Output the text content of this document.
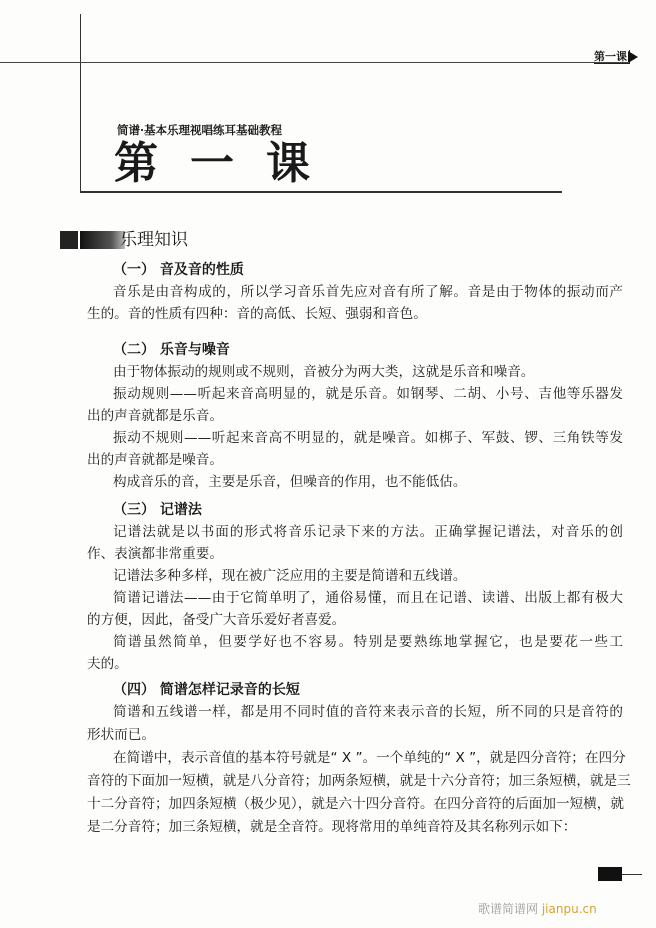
第一课
简谱·基本乐理视唱练耳基础教程
第一课
乐理知识
（一） 音及音的性质
音乐是由音构成的，所以学习音乐首先应对音有所了解。音是由于物体的振动而产
生的。音的性质有四种：音的高低、长短、强弱和音色。
（二） 乐音与噪音
由于物体振动的规则或不规则，音被分为两大类，这就是乐音和噪音。
振动规则——听起来音高明显的，就是乐音。如钢琴、二胡、小号、吉他等乐器发
出的声音就都是乐音。
振动不规则——听起来音高不明显的，就是噪音。如梆子、军鼓、锣、三角铁等发
出的声音就都是噪音。
构成音乐的音，主要是乐音，但噪音的作用，也不能低估。
（三） 记谱法
记谱法就是以书面的形式将音乐记录下来的方法。正确掌握记谱法，对音乐的创
作、表演都非常重要。
记谱法多种多样，现在被广泛应用的主要是简谱和五线谱。
简谱记谱法——由于它简单明了，通俗易懂，而且在记谱、读谱、出版上都有极大
的方便，因此，备受广大音乐爱好者喜爱。
简谱虽然简单，但要学好也不容易。特别是要熟练地掌握它，也是要花一些工
夫的。
（四） 简谱怎样记录音的长短
简谱和五线谱一样，都是用不同时值的音符来表示音的长短，所不同的只是音符的
形状而已。
在简谱中，表示音值的基本符号就是“ X ”。一个单纯的“ X ”，就是四分音符；在四分
音符的下面加一短横，就是八分音符；加两条短横，就是十六分音符；加三条短横，就是三
十二分音符；加四条短横（极少见），就是六十四分音符。在四分音符的后面加一短横，就
是二分音符；加三条短横，就是全音符。现将常用的单纯音符及其名称列示如下：
歌谱简谱网 jianpu.cn
